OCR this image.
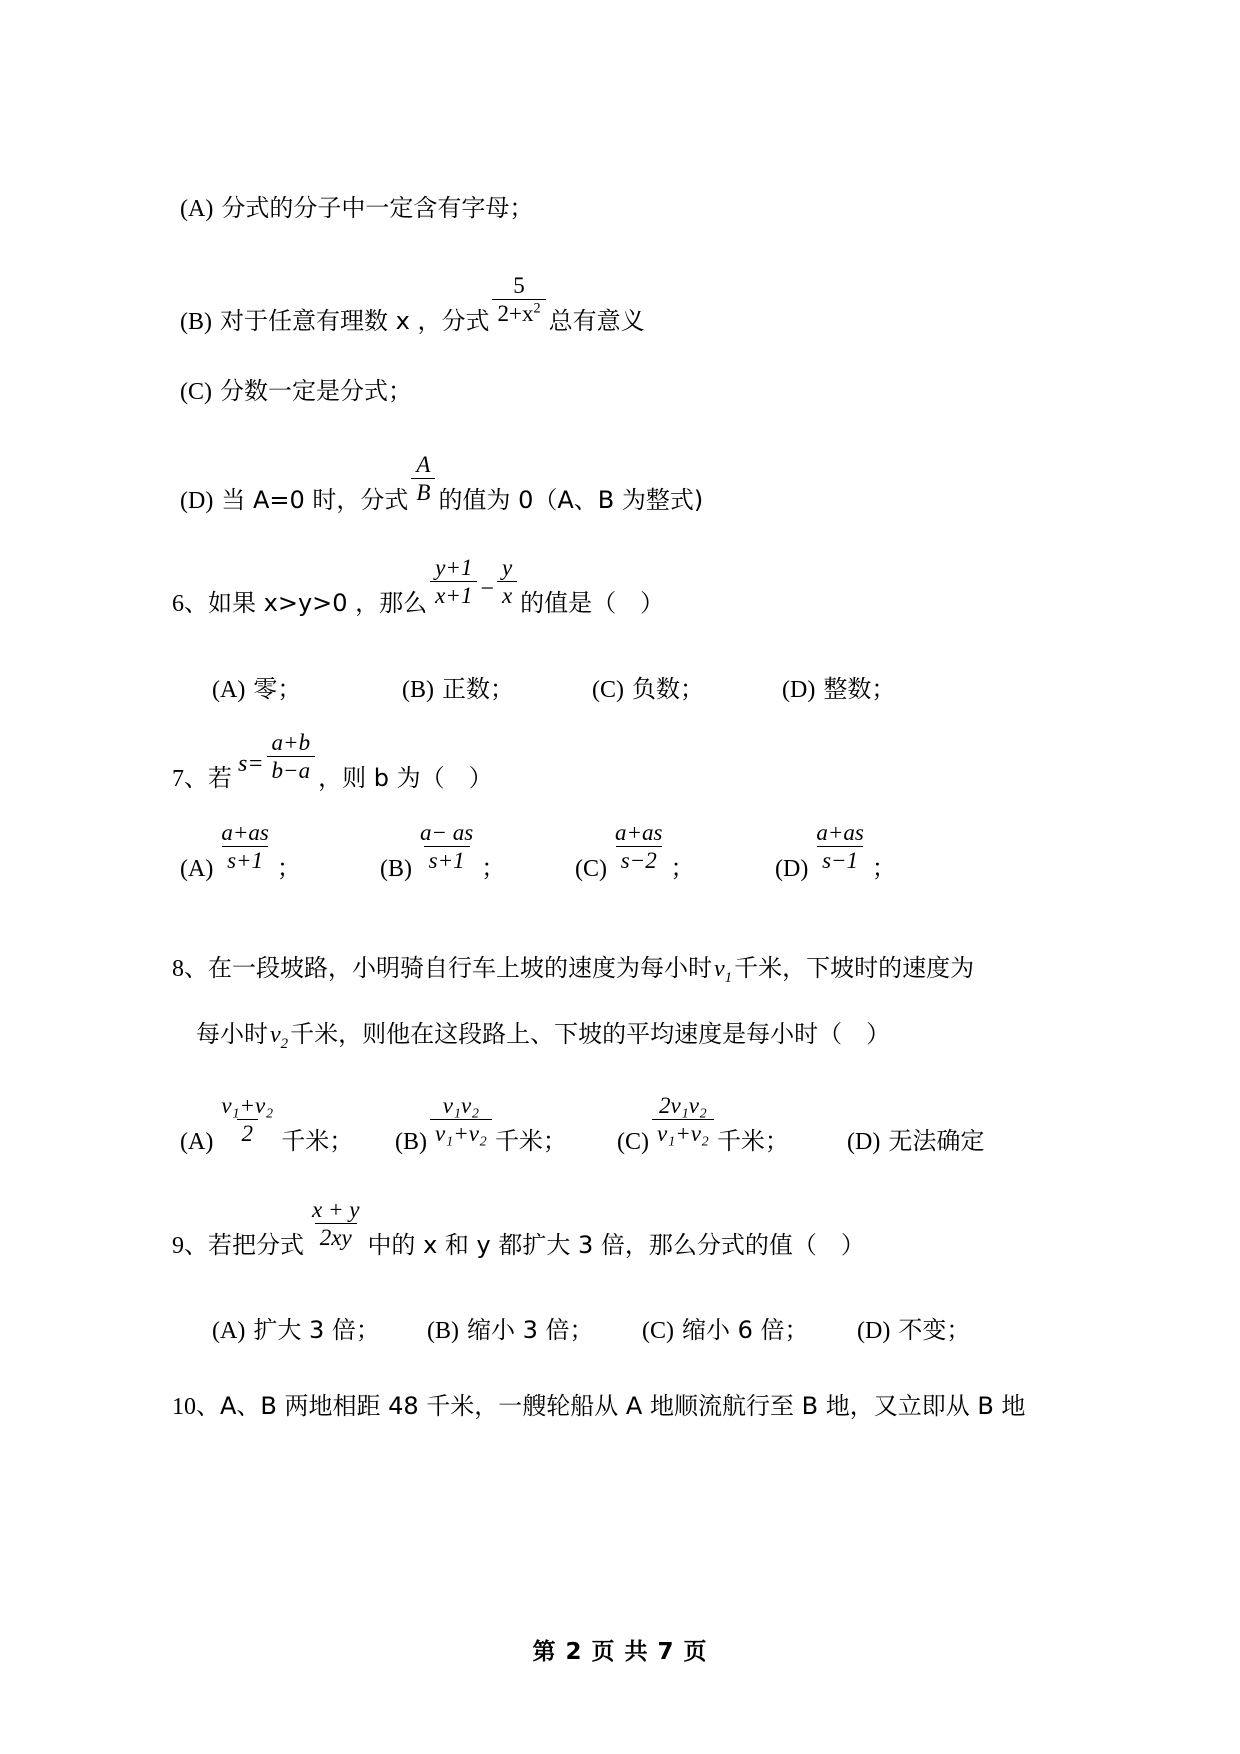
(A) 分式的分子中一定含有字母；

(B) 对于任意有理数 x ，分式 $\frac{5}{2+x^2}$ 总有意义

(C) 分数一定是分式；

(D) 当 A=0 时，分式 $\frac{A}{B}$ 的值为 0（A、B 为整式)

6、 如果 x>y>0 ，那么 $\frac{y+1}{x+1} - \frac{y}{x}$ 的值是（　）

(A) 零；
	(B) 正数；
	(C) 负数；
	(D) 整数；

7、 若 $s= \frac{a+b}{b-a}$ ，则 b 为（　）

$(A) \frac{a+as}{s+1}$ ；	$(B) \frac{a- as}{s+1}$ ；	$(C) \frac{a+as}{s-2}$ ；	$(D) \frac{a+as}{s-1}$ ；

8、 在一段坡路，小明骑自行车上坡的速度为每小时 $v_1$ 千米，下坡时的速度为

每小时 $v_2$ 千米，则他在这段路上、下坡的平均速度是每小时（　）

$(A) \frac{\text{v₁+v₂}}{2}$ 千米； $(B) \frac{\text{v₁v₂}}{\text{v₁+v₂}}$ 千米； $(C) \frac{\text{2v₁v₂}}{\text{v₁+v₂}}$ 千米； (D) 无法确定

9、 若把分式 $\frac{x + y}{2xy}$ 中的 x 和 y 都扩大 3 倍，那么分式的值（　）

(A) 扩大 3 倍；
	(B) 缩小 3 倍；
	(C) 缩小 6 倍；
	(D) 不变；

10、 A、B 两地相距 48 千米，一艘轮船从 A 地顺流航行至 B 地，又立即从 B 地

第 2 页 共 7 页
